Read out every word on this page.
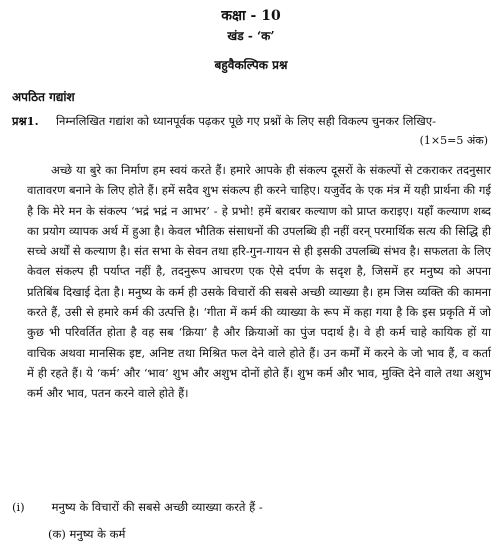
कक्षा - 10
खंड - ‘क’
बहुवैकल्पिक प्रश्न
अपठित गद्यांश
प्रश्न1. निम्नलिखित गद्यांश को ध्यानपूर्वक पढ़कर पूछे गए प्रश्नों के लिए सही विकल्प चुनकर लिखिए-
(1×5=5 अंक)
अच्छे या बुरे का निर्माण हम स्वयं करते हैं। हमारे आपके ही संकल्प दूसरों के संकल्पों से टकराकर तदनुसार वातावरण बनाने के लिए होते हैं। हमें सदैव शुभ संकल्प ही करने चाहिए। यजुर्वेद के एक मंत्र में यही प्रार्थना की गई है कि मेरे मन के संकल्प ‘भद्रं भद्रं न आभर’ - हे प्रभो! हमें बराबर कल्याण को प्राप्त कराइए। यहाँ कल्याण शब्द का प्रयोग व्यापक अर्थ में हुआ है। केवल भौतिक संसाधनों की उपलब्धि ही नहीं वरन् परमार्थिक सत्य की सिद्धि ही सच्चे अर्थों से कल्याण है। संत सभा के सेवन तथा हरि-गुन-गायन से ही इसकी उपलब्धि संभव है। सफलता के लिए केवल संकल्प ही पर्याप्त नहीं है, तदनुरूप आचरण एक ऐसे दर्पण के सदृश है, जिसमें हर मनुष्य को अपना प्रतिबिंब दिखाई देता है। मनुष्य के कर्म ही उसके विचारों की सबसे अच्छी व्याख्या है। हम जिस व्यक्ति की कामना करते हैं, उसी से हमारे कर्म की उत्पत्ति है। ‘गीता में कर्म की व्याख्या के रूप में कहा गया है कि इस प्रकृति में जो कुछ भी परिवर्तित होता है वह सब ‘क्रिया’ है और क्रियाओं का पुंज पदार्थ है। वे ही कर्म चाहे कायिक हों या वाचिक अथवा मानसिक इष्ट, अनिष्ट तथा मिश्रित फल देने वाले होते हैं। उन कर्मों में करने के जो भाव हैं, व कर्ता में ही रहते हैं। ये ‘कर्म’ और ‘भाव’ शुभ और अशुभ दोनों होते हैं। शुभ कर्म और भाव, मुक्ति देने वाले तथा अशुभ कर्म और भाव, पतन करने वाले होते हैं।
(i) मनुष्य के विचारों की सबसे अच्छी व्याख्या करते हैं -
(क) मनुष्य के कर्म
